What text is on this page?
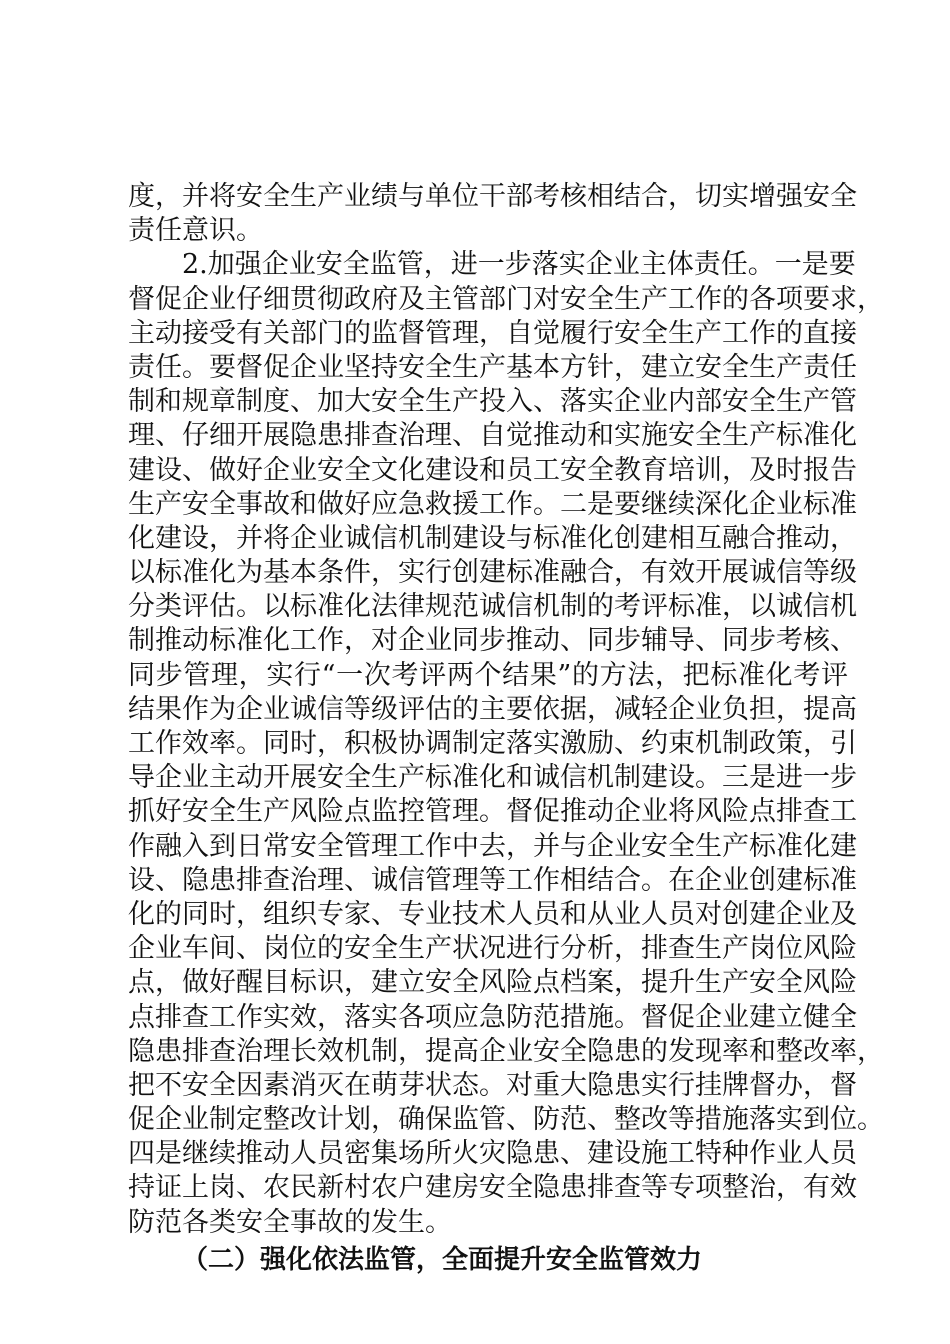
度，并将安全生产业绩与单位干部考核相结合，切实增强安全
责任意识。
2.加强企业安全监管，进一步落实企业主体责任。一是要
督促企业仔细贯彻政府及主管部门对安全生产工作的各项要求，
主动接受有关部门的监督管理，自觉履行安全生产工作的直接
责任。要督促企业坚持安全生产基本方针，建立安全生产责任
制和规章制度、加大安全生产投入、落实企业内部安全生产管
理、仔细开展隐患排查治理、自觉推动和实施安全生产标准化
建设、做好企业安全文化建设和员工安全教育培训，及时报告
生产安全事故和做好应急救援工作。二是要继续深化企业标准
化建设，并将企业诚信机制建设与标准化创建相互融合推动，
以标准化为基本条件，实行创建标准融合，有效开展诚信等级
分类评估。以标准化法律规范诚信机制的考评标准，以诚信机
制推动标准化工作，对企业同步推动、同步辅导、同步考核、
同步管理，实行“一次考评两个结果”的方法，把标准化考评
结果作为企业诚信等级评估的主要依据，减轻企业负担，提高
工作效率。同时，积极协调制定落实激励、约束机制政策，引
导企业主动开展安全生产标准化和诚信机制建设。三是进一步
抓好安全生产风险点监控管理。督促推动企业将风险点排查工
作融入到日常安全管理工作中去，并与企业安全生产标准化建
设、隐患排查治理、诚信管理等工作相结合。在企业创建标准
化的同时，组织专家、专业技术人员和从业人员对创建企业及
企业车间、岗位的安全生产状况进行分析，排查生产岗位风险
点，做好醒目标识，建立安全风险点档案，提升生产安全风险
点排查工作实效，落实各项应急防范措施。督促企业建立健全
隐患排查治理长效机制，提高企业安全隐患的发现率和整改率，
把不安全因素消灭在萌芽状态。对重大隐患实行挂牌督办，督
促企业制定整改计划，确保监管、防范、整改等措施落实到位。
四是继续推动人员密集场所火灾隐患、建设施工特种作业人员
持证上岗、农民新村农户建房安全隐患排查等专项整治，有效
防范各类安全事故的发生。
（二）强化依法监管，全面提升安全监管效力
